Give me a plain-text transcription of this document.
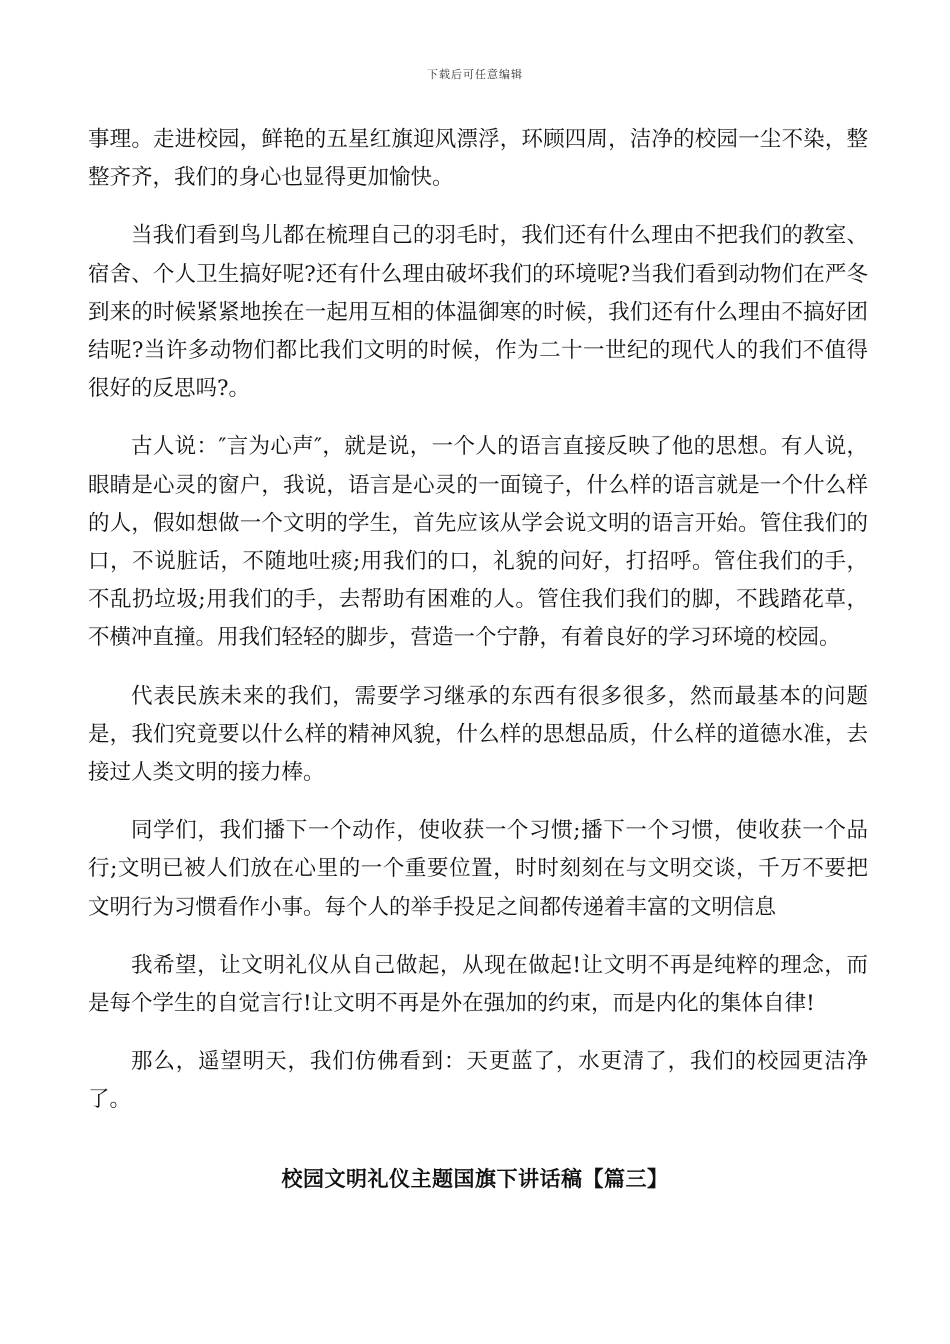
下载后可任意编辑

事理。走进校园，鲜艳的五星红旗迎风漂浮，环顾四周，洁净的校园一尘不染，整整齐齐，我们的身心也显得更加愉快。

当我们看到鸟儿都在梳理自己的羽毛时，我们还有什么理由不把我们的教室、宿舍、个人卫生搞好呢?还有什么理由破坏我们的环境呢?当我们看到动物们在严冬到来的时候紧紧地挨在一起用互相的体温御寒的时候，我们还有什么理由不搞好团结呢?当许多动物们都比我们文明的时候，作为二十一世纪的现代人的我们不值得很好的反思吗?。

古人说：″言为心声″，就是说，一个人的语言直接反映了他的思想。有人说，眼睛是心灵的窗户，我说，语言是心灵的一面镜子，什么样的语言就是一个什么样的人，假如想做一个文明的学生，首先应该从学会说文明的语言开始。管住我们的口，不说脏话，不随地吐痰;用我们的口，礼貌的问好，打招呼。管住我们的手，不乱扔垃圾;用我们的手，去帮助有困难的人。管住我们我们的脚，不践踏花草，不横冲直撞。用我们轻轻的脚步，营造一个宁静，有着良好的学习环境的校园。

代表民族未来的我们，需要学习继承的东西有很多很多，然而最基本的问题是，我们究竟要以什么样的精神风貌，什么样的思想品质，什么样的道德水准，去接过人类文明的接力棒。

同学们，我们播下一个动作，使收获一个习惯;播下一个习惯，使收获一个品行;文明已被人们放在心里的一个重要位置，时时刻刻在与文明交谈，千万不要把文明行为习惯看作小事。每个人的举手投足之间都传递着丰富的文明信息

我希望，让文明礼仪从自己做起，从现在做起!让文明不再是纯粹的理念，而是每个学生的自觉言行!让文明不再是外在强加的约束，而是内化的集体自律!

那么，遥望明天，我们仿佛看到：天更蓝了，水更清了，我们的校园更洁净了。

校园文明礼仪主题国旗下讲话稿【篇三】
